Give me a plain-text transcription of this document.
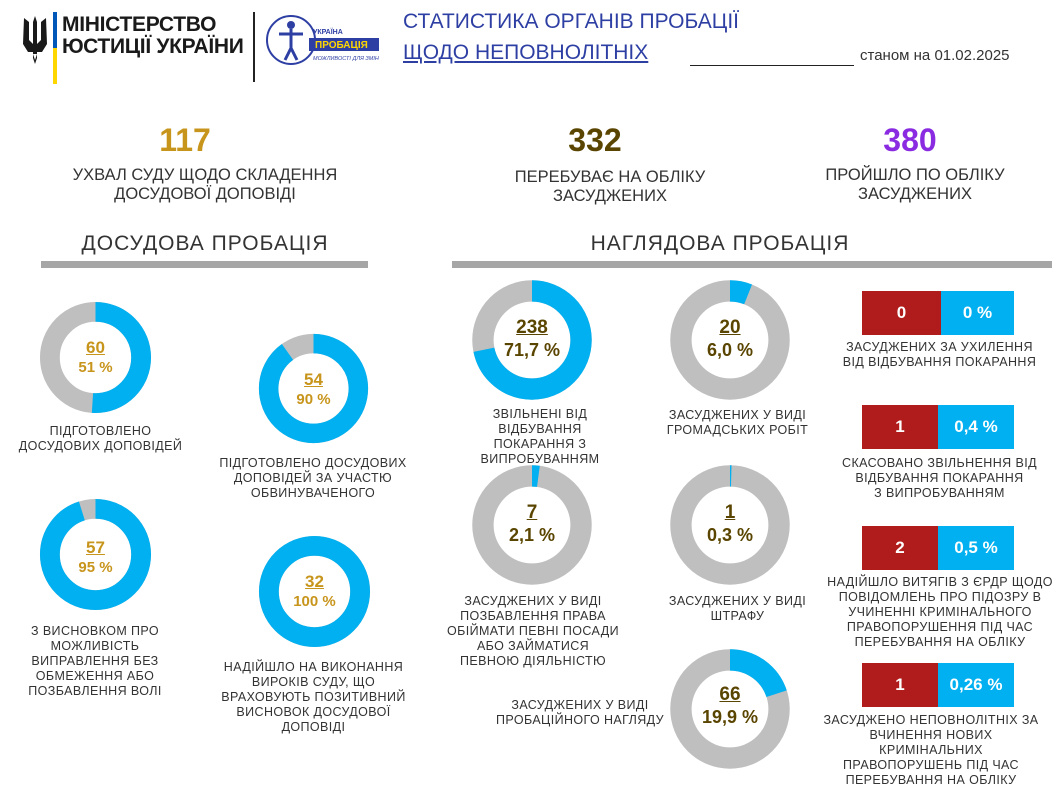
МІНІСТЕРСТВО
ЮСТИЦІЇ УКРАЇНИ
УКРАЇНА
ПРОБАЦІЯ
МОЖЛИВОСТІ ДЛЯ ЗМІН
СТАТИСТИКА ОРГАНІВ ПРОБАЦІЇ
ЩОДО НЕПОВНОЛІТНІХ	станом на 01.02.2025
117
УХВАЛ СУДУ ЩОДО СКЛАДЕННЯ
ДОСУДОВОЇ ДОПОВІДІ
332
ПЕРЕБУВАЄ НА ОБЛІКУ
ЗАСУДЖЕНИХ
380
ПРОЙШЛО ПО ОБЛІКУ
ЗАСУДЖЕНИХ
ДОСУДОВА ПРОБАЦІЯ	НАГЛЯДОВА ПРОБАЦІЯ
60
51 %
ПІДГОТОВЛЕНО
ДОСУДОВИХ ДОПОВІДЕЙ
54
90 %
ПІДГОТОВЛЕНО ДОСУДОВИХ
ДОПОВІДЕЙ ЗА УЧАСТЮ
ОБВИНУВАЧЕНОГО
57
95 %
З ВИСНОВКОМ ПРО
МОЖЛИВІСТЬ
ВИПРАВЛЕННЯ БЕЗ
ОБМЕЖЕННЯ АБО
ПОЗБАВЛЕННЯ ВОЛІ
32
100 %
НАДІЙШЛО НА ВИКОНАННЯ
ВИРОКІВ СУДУ, ЩО
ВРАХОВУЮТЬ ПОЗИТИВНИЙ
ВИСНОВОК ДОСУДОВОЇ
ДОПОВІДІ
238
71,7 %
ЗВІЛЬНЕНІ ВІД ВІДБУВАННЯ
ПОКАРАННЯ З
ВИПРОБУВАННЯМ
20
6,0 %
ЗАСУДЖЕНИХ У ВИДІ
ГРОМАДСЬКИХ РОБІТ
7
2,1 %
ЗАСУДЖЕНИХ У ВИДІ
ПОЗБАВЛЕННЯ ПРАВА
ОБІЙМАТИ ПЕВНІ ПОСАДИ
АБО ЗАЙМАТИСЯ
ПЕВНОЮ ДІЯЛЬНІСТЮ
1
0,3 %
ЗАСУДЖЕНИХ У ВИДІ
ШТРАФУ
66
19,9 %
ЗАСУДЖЕНИХ У ВИДІ
ПРОБАЦІЙНОГО НАГЛЯДУ
0	0 %
ЗАСУДЖЕНИХ ЗА УХИЛЕННЯ
ВІД ВІДБУВАННЯ ПОКАРАННЯ
1	0,4 %
СКАСОВАНО ЗВІЛЬНЕННЯ ВІД
ВІДБУВАННЯ ПОКАРАННЯ
З ВИПРОБУВАННЯМ
2	0,5 %
НАДІЙШЛО ВИТЯГІВ З ЄРДР ЩОДО
ПОВІДОМЛЕНЬ ПРО ПІДОЗРУ В
УЧИНЕННІ КРИМІНАЛЬНОГО
ПРАВОПОРУШЕННЯ ПІД ЧАС
ПЕРЕБУВАННЯ НА ОБЛІКУ
1	0,26 %
ЗАСУДЖЕНО НЕПОВНОЛІТНІХ ЗА
ВЧИНЕННЯ НОВИХ КРИМІНАЛЬНИХ
ПРАВОПОРУШЕНЬ ПІД ЧАС
ПЕРЕБУВАННЯ НА ОБЛІКУ
